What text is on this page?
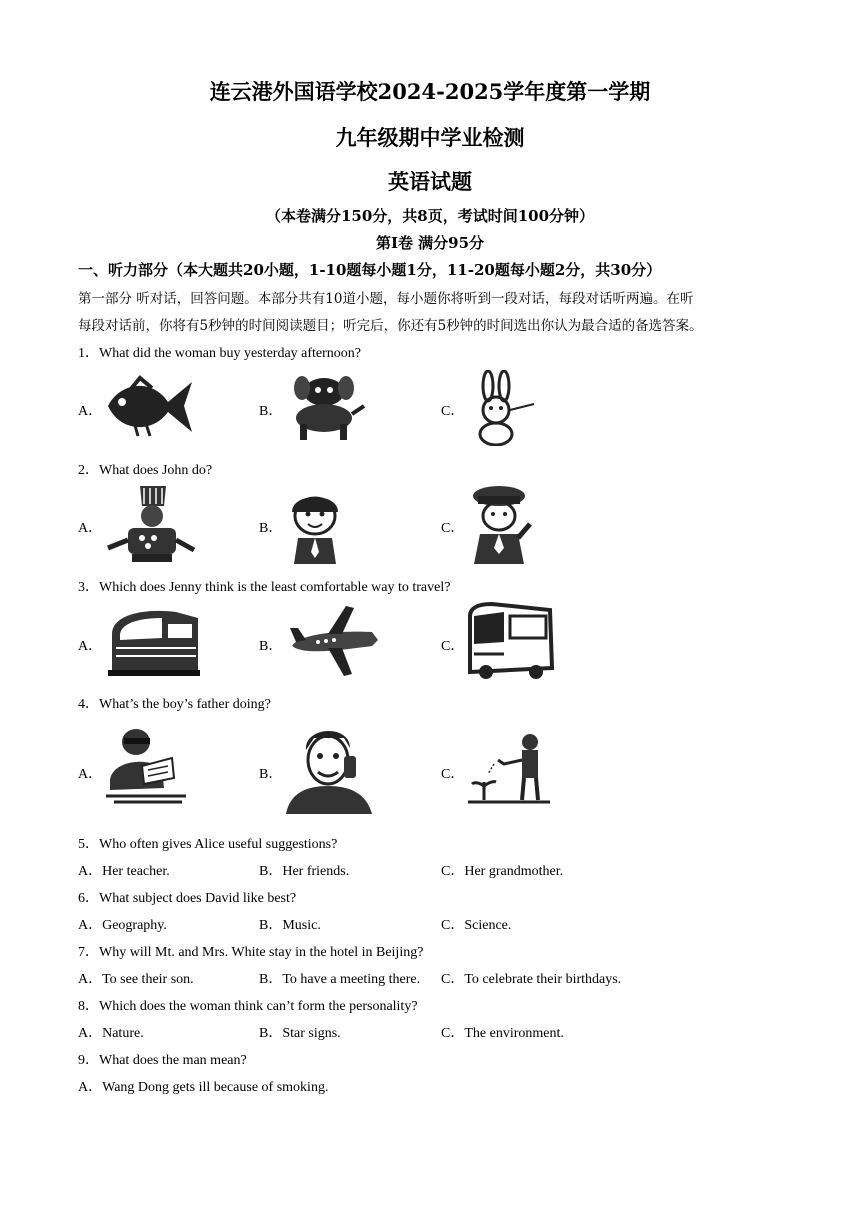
连云港外国语学校2024-2025学年度第一学期
九年级期中学业检测
英语试题
（本卷满分150分，共8页，考试时间100分钟）
第Ⅰ卷 满分95分
一、听力部分（本大题共20小题，1-10题每小题1分，11-20题每小题2分，共30分）
第一部分 听对话，回答问题。本部分共有10道小题，每小题你将听到一段对话，每段对话听两遍。在听
每段对话前，你将有5秒钟的时间阅读题目；听完后，你还有5秒钟的时间选出你认为最合适的备选答案。
1．What did the woman buy yesterday afternoon?
A．	B．	C．
2．What does John do?
A．	B．	C．
3．Which does Jenny think is the least comfortable way to travel?
A．	B．	C．
4．What’s the boy’s father doing?
A．	B．	C．
5．Who often gives Alice useful suggestions?
A．Her teacher.	B．Her friends.	C．Her grandmother.
6．What subject does David like best?
A．Geography.	B．Music.	C．Science.
7．Why will Mt. and Mrs. White stay in the hotel in Beijing?
A．To see their son.	B．To have a meeting there. C．To celebrate their birthdays.
8．Which does the woman think can’t form the personality?
A．Nature.	B．Star signs.	C．The environment.
9．What does the man mean?
A．Wang Dong gets ill because of smoking.
